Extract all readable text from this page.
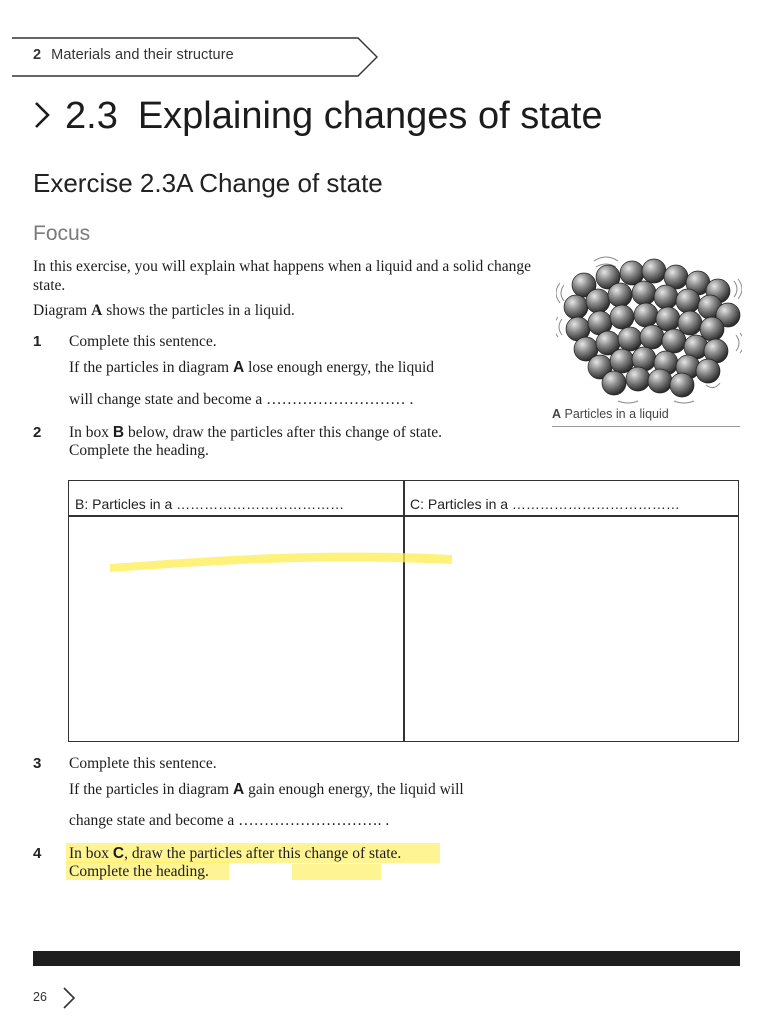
2 Materials and their structure
2.3 Explaining changes of state
Exercise 2.3A Change of state
Focus
In this exercise, you will explain what happens when a liquid and a solid change state.
Diagram A shows the particles in a liquid.
1 Complete this sentence.
If the particles in diagram A lose enough energy, the liquid
will change state and become a ……………………… .
2 In box B below, draw the particles after this change of state.
Complete the heading.
A Particles in a liquid
B: Particles in a ………………………………	C: Particles in a ………………………………
3 Complete this sentence.
If the particles in diagram A gain enough energy, the liquid will
change state and become a ………………………. .
4 In box C, draw the particles after this change of state.
Complete the heading.
26
